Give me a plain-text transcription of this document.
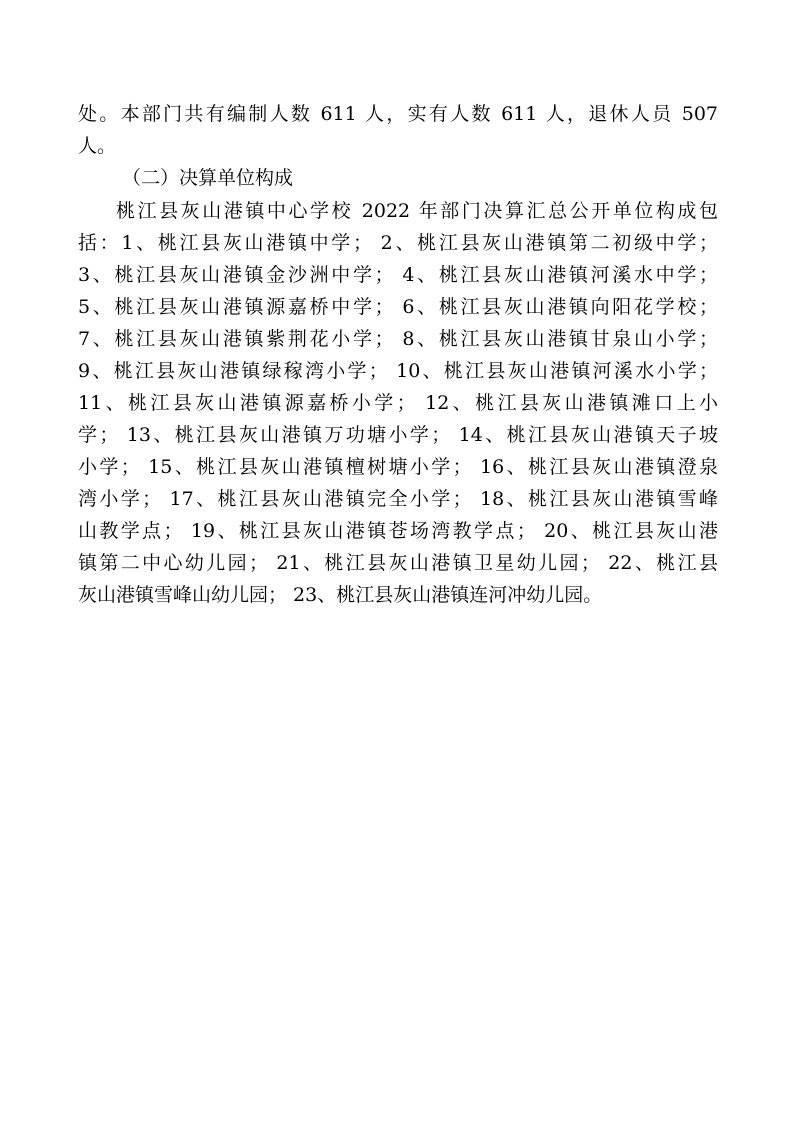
处。本部门共有编制人数 611 人，实有人数 611 人，退休人员 507
人。
（二）决算单位构成
桃江县灰山港镇中心学校 2022 年部门决算汇总公开单位构成包
括：1、桃江县灰山港镇中学； 2、桃江县灰山港镇第二初级中学；
3、桃江县灰山港镇金沙洲中学； 4、桃江县灰山港镇河溪水中学；
5、桃江县灰山港镇源嘉桥中学； 6、桃江县灰山港镇向阳花学校；
7、桃江县灰山港镇紫荆花小学； 8、桃江县灰山港镇甘泉山小学；
9、桃江县灰山港镇绿稼湾小学； 10、桃江县灰山港镇河溪水小学；
11、桃江县灰山港镇源嘉桥小学； 12、桃江县灰山港镇滩口上小
学； 13、桃江县灰山港镇万功塘小学； 14、桃江县灰山港镇天子坡
小学； 15、桃江县灰山港镇檀树塘小学； 16、桃江县灰山港镇澄泉
湾小学； 17、桃江县灰山港镇完全小学； 18、桃江县灰山港镇雪峰
山教学点； 19、桃江县灰山港镇苍场湾教学点； 20、桃江县灰山港
镇第二中心幼儿园； 21、桃江县灰山港镇卫星幼儿园； 22、桃江县
灰山港镇雪峰山幼儿园； 23、桃江县灰山港镇连河冲幼儿园。
